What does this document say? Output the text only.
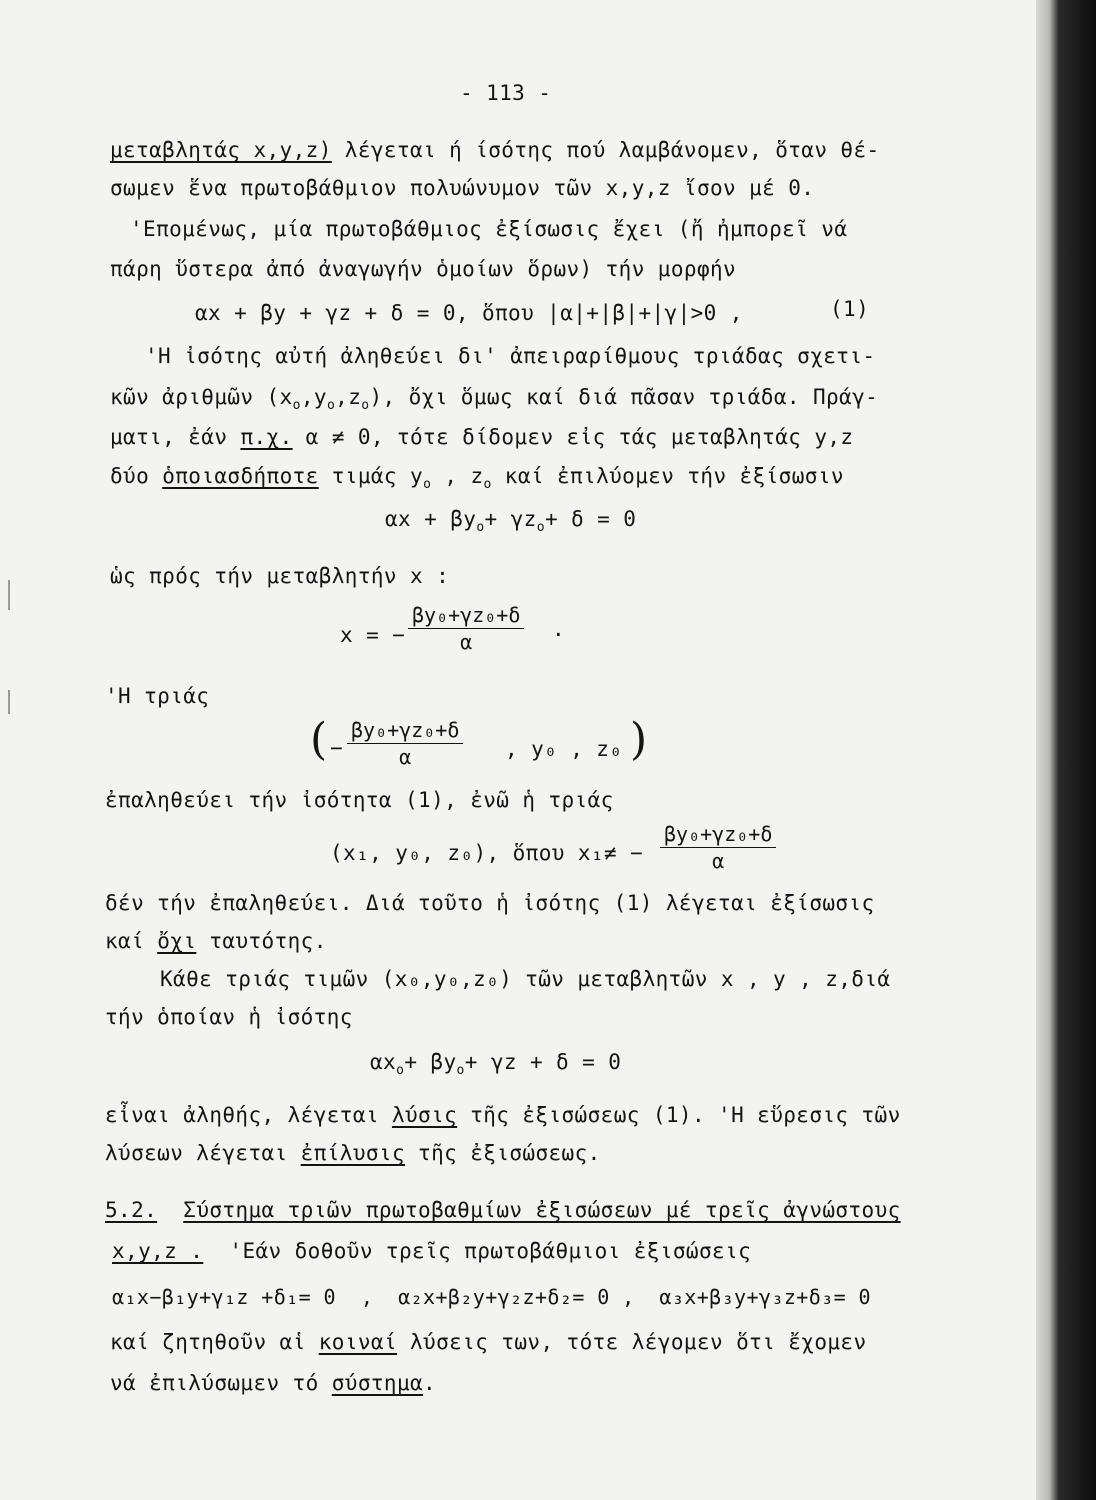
- 113 -
μεταβλητάς x,y,z) λέγεται ή ίσότης πού λαμβάνομεν, ὅταν θέ-
σωμεν ἕνα πρωτοβάθμιον πολυώνυμον τῶν x,y,z ἴσον μέ 0.
'Επομένως, μία πρωτοβάθμιος ἐξίσωσις ἔχει (ἤ ἠμπορεῖ νά
πάρη ὕστερα ἀπό ἀναγωγήν ὁμοίων ὅρων) τήν μορφήν
αx + βy + γz + δ = 0, ὅπου |α|+|β|+|γ|>0 ,	(1)
'Η ἰσότης αὐτή ἀληθεύει δι' ἀπειραρίθμους τριάδας σχετι-
κῶν ἀριθμῶν $(x_o,y_o,z_o)$, ὄχι ὅμως καί διά πᾶσαν τριάδα. Πράγ-
ματι, ἐάν π.χ. α ≠ 0, τότε δίδομεν εἰς τάς μεταβλητάς y,z
δύο ὁποιασδήποτε τιμάς $y_o$ , $z_o$ καί ἐπιλύομεν τήν ἐξίσωσιν
$\alpha x + \beta y_o+ \gamma z_o+ \delta = 0$
ὡς πρός τήν μεταβλητήν x :
x = − $\frac{\text{βy₀+γz₀+δ}}{\alpha}$ ·
'Η τριάς
( − $\frac{\text{βy₀+γz₀+δ}}{\alpha}$ , y₀ , z₀ )
ἐπαληθεύει τήν ἰσότητα (1), ἐνῶ ἡ τριάς
(x₁, y₀, z₀), ὅπου $x_1\ne - \frac{\text{βy₀+γz₀+δ}}{\alpha}$
δέν τήν ἐπαληθεύει. Διά τοῦτο ἡ ἰσότης (1) λέγεται ἐξίσωσις
καί ὄχι ταυτότης.
Κάθε τριάς τιμῶν (x₀,y₀,z₀) τῶν μεταβλητῶν x , y , z,διά
τήν ὁποίαν ἡ ἰσότης
$\alpha x_o+ \beta y_o+ \gamma z + \delta = 0$
εἶναι ἀληθής, λέγεται λύσις τῆς ἐξισώσεως (1). 'Η εὕρεσις τῶν
λύσεων λέγεται ἐπίλυσις τῆς ἐξισώσεως.
5.2. Σύστημα τριῶν πρωτοβαθμίων ἐξισώσεων μέ τρεῖς ἀγνώστους
x,y,z .  'Εάν δοθοῦν τρεῖς πρωτοβάθμιοι ἐξισώσεις
α₁x−β₁y+γ₁z +δ₁= 0  ,  α₂x+β₂y+γ₂z+δ₂= 0 ,  α₃x+β₃y+γ₃z+δ₃= 0
καί ζητηθοῦν αἱ κοιναί λύσεις των, τότε λέγομεν ὅτι ἔχομεν
νά ἐπιλύσωμεν τό σύστημα.
